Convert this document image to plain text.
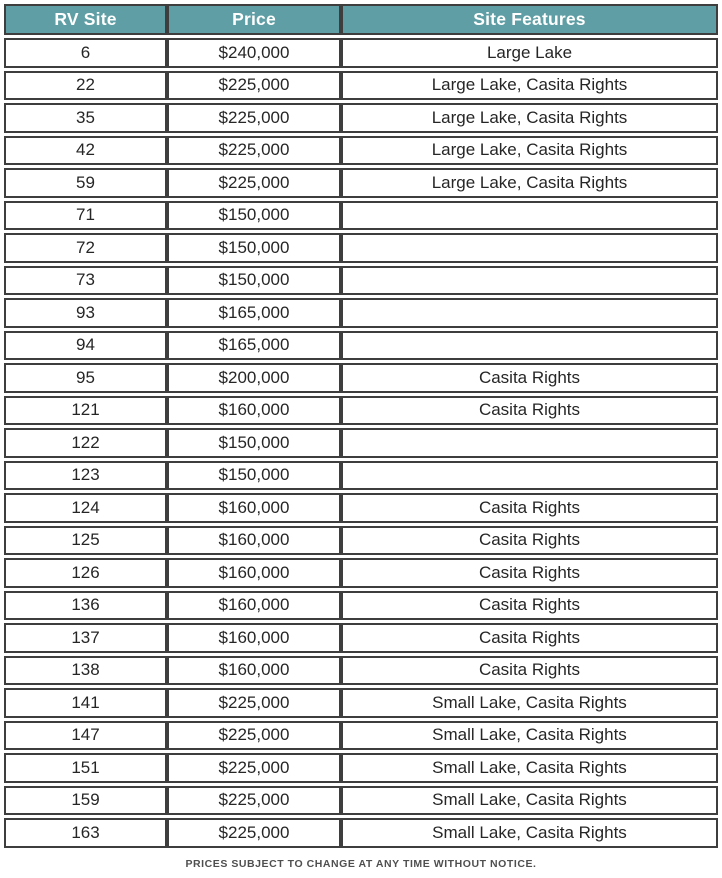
RV Site	Price	Site Features
6	$240,000	Large Lake
22	$225,000	Large Lake, Casita Rights
35	$225,000	Large Lake, Casita Rights
42	$225,000	Large Lake, Casita Rights
59	$225,000	Large Lake, Casita Rights
71	$150,000	
72	$150,000	
73	$150,000	
93	$165,000	
94	$165,000	
95	$200,000	Casita Rights
121	$160,000	Casita Rights
122	$150,000	
123	$150,000	
124	$160,000	Casita Rights
125	$160,000	Casita Rights
126	$160,000	Casita Rights
136	$160,000	Casita Rights
137	$160,000	Casita Rights
138	$160,000	Casita Rights
141	$225,000	Small Lake, Casita Rights
147	$225,000	Small Lake, Casita Rights
151	$225,000	Small Lake, Casita Rights
159	$225,000	Small Lake, Casita Rights
163	$225,000	Small Lake, Casita Rights
PRICES SUBJECT TO CHANGE AT ANY TIME WITHOUT NOTICE.
